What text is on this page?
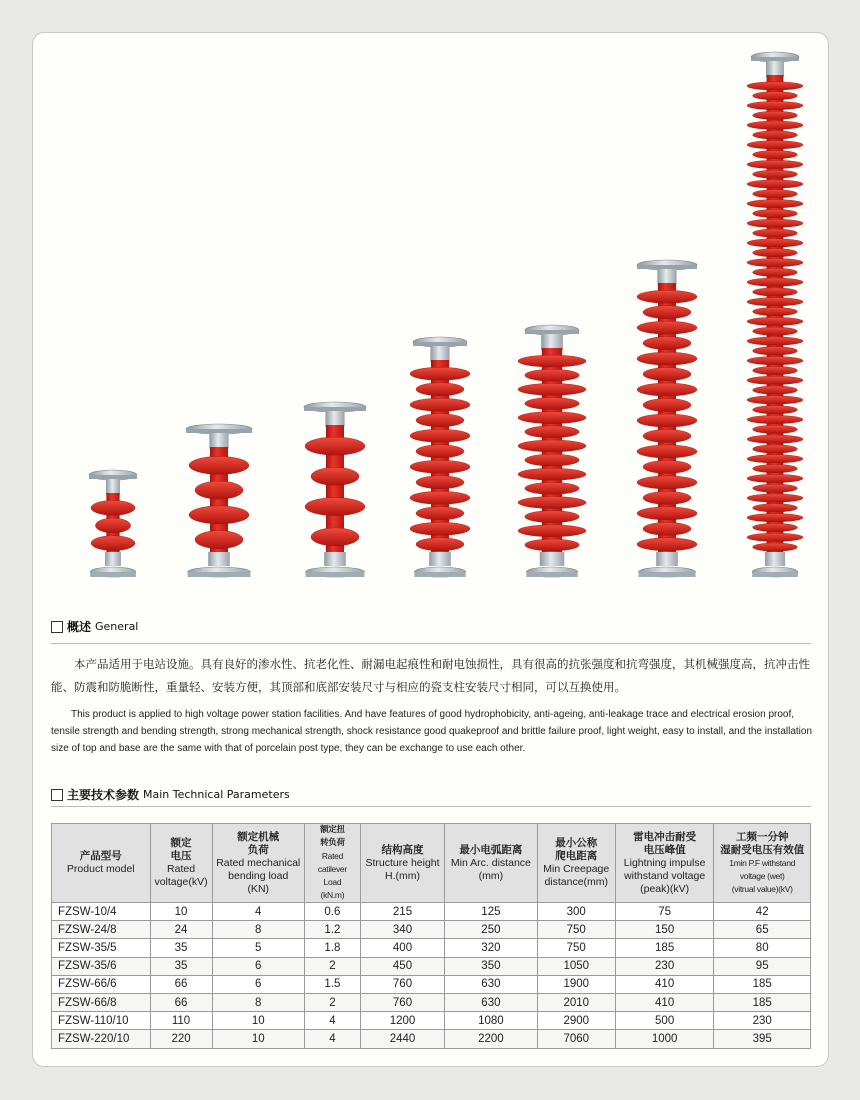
概述 General

本产品适用于电站设施。具有良好的渗水性、抗老化性、耐漏电起痕性和耐电蚀损性，具有很高的抗张强度和抗弯强度，其机械强度高，抗冲击性能、防震和防脆断性，重量轻、安装方便，其顶部和底部安装尺寸与相应的瓷支柱安装尺寸相同，可以互换使用。

This product is applied to high voltage power station facilities. And have features of good hydrophobicity, anti-ageing, anti-leakage trace and electrical erosion proof, tensile strength and bending strength, strong mechanical strength, shock resistance good quakeproof and brittle failure proof, light weight, easy to install, and the installation size of top and base are the same with that of porcelain post type, they can be exchange to use each other.

主要技术参数 Main Technical Parameters
产品型号
Product model	额定
电压
Rated
voltage(kV)	额定机械
负荷
Rated mechanical
bending load
(KN)	额定扭
转负荷
Rated catilever
Load
(kN.m)	结构高度
Structure height
H.(mm)	最小电弧距离
Min Arc. distance
(mm)	最小公称
爬电距离
Min Creepage
distance(mm)	雷电冲击耐受
电压峰值
Lightning impulse
withstand voltage
(peak)(kV)	工频一分钟
湿耐受电压有效值
1min P.F withstand
voltage (wet)
(vitrual value)(kV)

FZSW-10/4	10	4	0.6	215	125	300	75	42
FZSW-24/8	24	8	1.2	340	250	750	150	65
FZSW-35/5	35	5	1.8	400	320	750	185	80
FZSW-35/6	35	6	2	450	350	1050	230	95
FZSW-66/6	66	6	1.5	760	630	1900	410	185
FZSW-66/8	66	8	2	760	630	2010	410	185
FZSW-110/10	110	10	4	1200	1080	2900	500	230
FZSW-220/10	220	10	4	2440	2200	7060	1000	395
